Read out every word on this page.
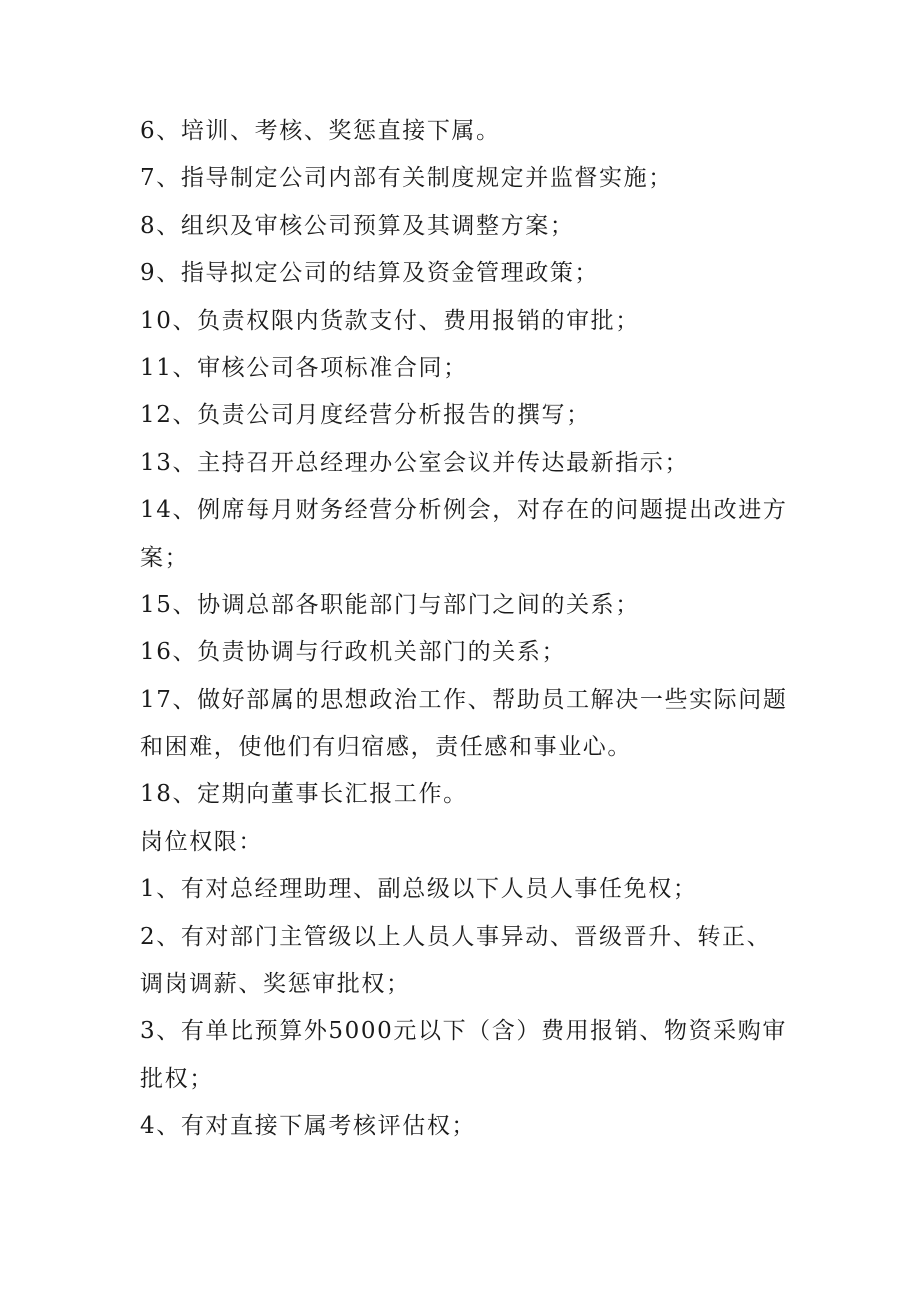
6、培训、考核、奖惩直接下属。
7、指导制定公司内部有关制度规定并监督实施；
8、组织及审核公司预算及其调整方案；
9、指导拟定公司的结算及资金管理政策；
10、负责权限内货款支付、费用报销的审批；
11、审核公司各项标准合同；
12、负责公司月度经营分析报告的撰写；
13、主持召开总经理办公室会议并传达最新指示；
14、例席每月财务经营分析例会，对存在的问题提出改进方
案；
15、协调总部各职能部门与部门之间的关系；
16、负责协调与行政机关部门的关系；
17、做好部属的思想政治工作、帮助员工解决一些实际问题
和困难，使他们有归宿感，责任感和事业心。
18、定期向董事长汇报工作。
岗位权限：
1、有对总经理助理、副总级以下人员人事任免权；
2、有对部门主管级以上人员人事异动、晋级晋升、转正、
调岗调薪、奖惩审批权；
3、有单比预算外5000元以下（含）费用报销、物资采购审
批权；
4、有对直接下属考核评估权；
